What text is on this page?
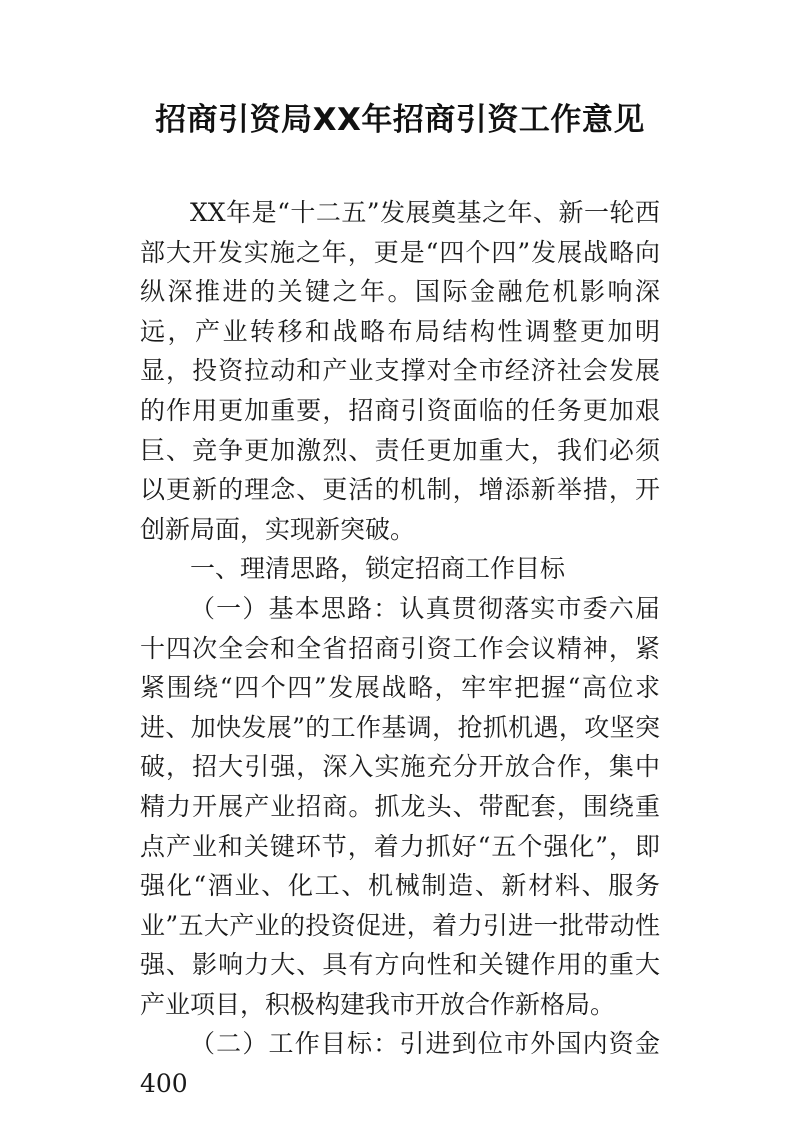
招商引资局XX年招商引资工作意见

XX年是“十二五”发展奠基之年、新一轮西部大开发实施之年，更是“四个四”发展战略向纵深推进的关键之年。国际金融危机影响深远，产业转移和战略布局结构性调整更加明显，投资拉动和产业支撑对全市经济社会发展的作用更加重要，招商引资面临的任务更加艰巨、竞争更加激烈、责任更加重大，我们必须以更新的理念、更活的机制，增添新举措，开创新局面，实现新突破。

一、理清思路，锁定招商工作目标

（一）基本思路：认真贯彻落实市委六届十四次全会和全省招商引资工作会议精神，紧紧围绕“四个四”发展战略，牢牢把握“高位求进、加快发展”的工作基调，抢抓机遇，攻坚突破，招大引强，深入实施充分开放合作，集中精力开展产业招商。抓龙头、带配套，围绕重点产业和关键环节，着力抓好“五个强化”，即强化“酒业、化工、机械制造、新材料、服务业”五大产业的投资促进，着力引进一批带动性强、影响力大、具有方向性和关键作用的重大产业项目，积极构建我市开放合作新格局。

（二）工作目标：引进到位市外国内资金400
